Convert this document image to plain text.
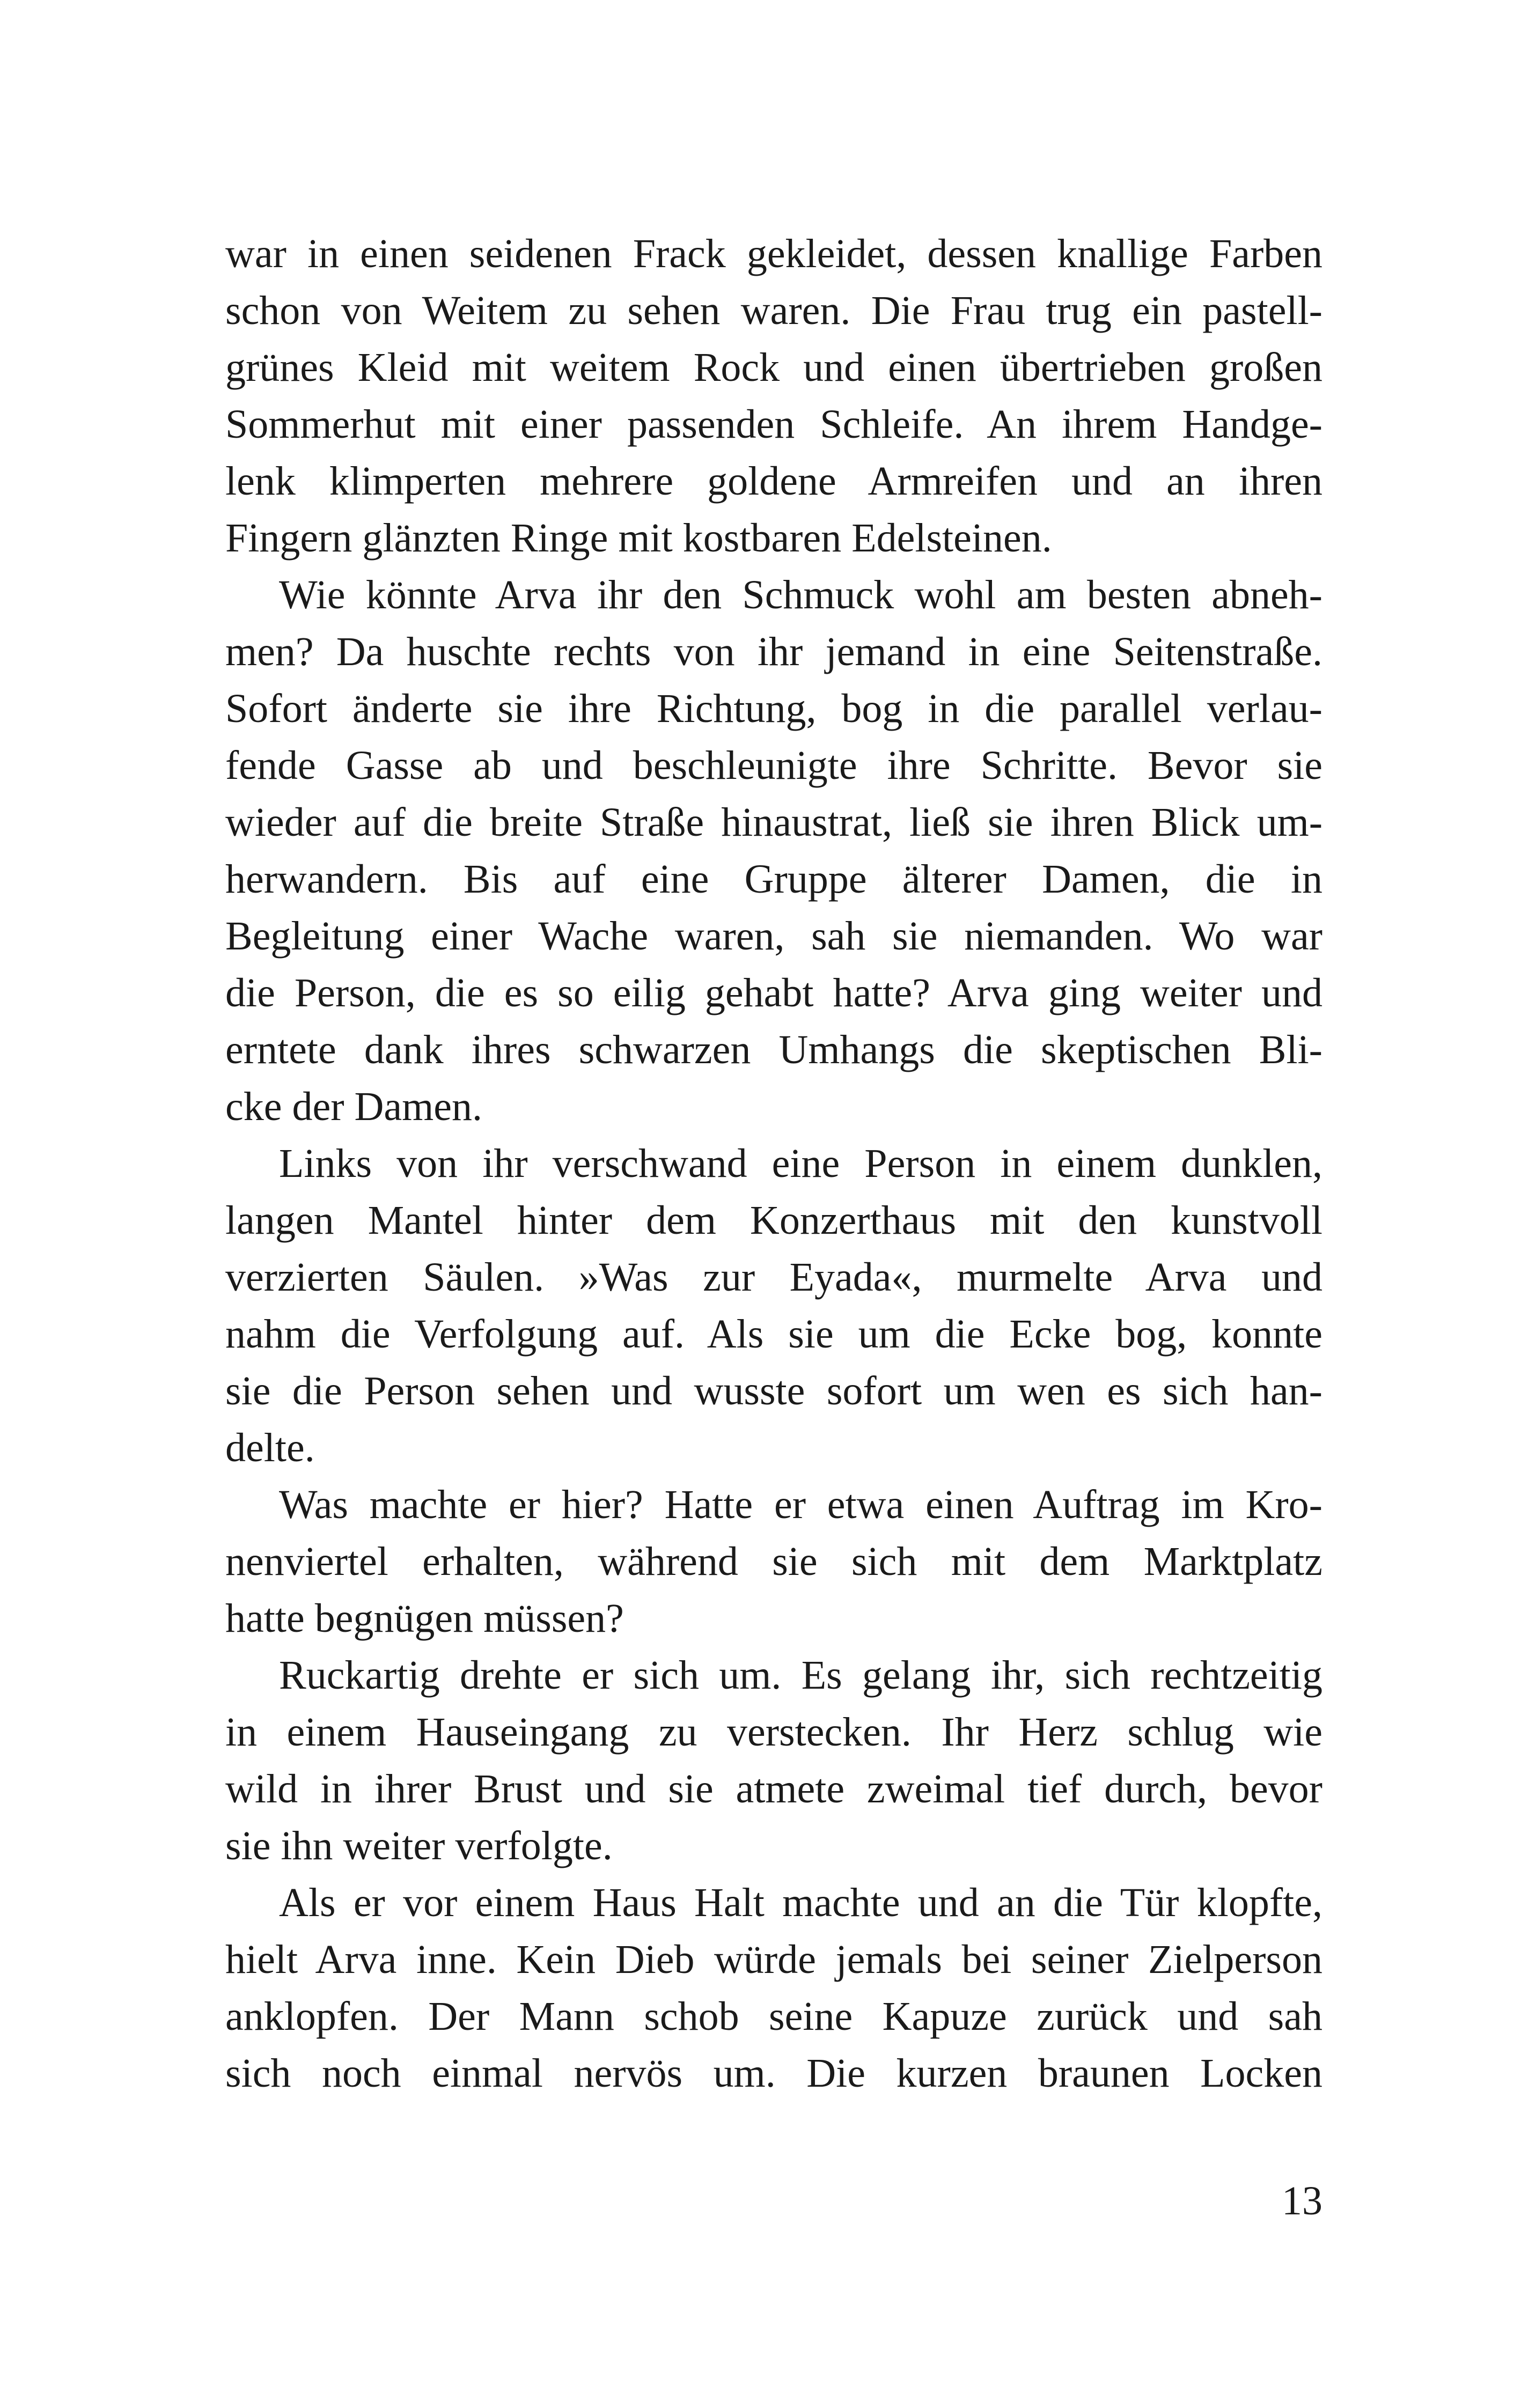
war in einen seidenen Frack gekleidet, dessen knallige Farben
schon von Weitem zu sehen waren. Die Frau trug ein pastell-
grünes Kleid mit weitem Rock und einen übertrieben großen
Sommerhut mit einer passenden Schleife. An ihrem Handge-
lenk klimperten mehrere goldene Armreifen und an ihren
Fingern glänzten Ringe mit kostbaren Edelsteinen.
Wie könnte Arva ihr den Schmuck wohl am besten abneh-
men? Da huschte rechts von ihr jemand in eine Seitenstraße.
Sofort änderte sie ihre Richtung, bog in die parallel verlau-
fende Gasse ab und beschleunigte ihre Schritte. Bevor sie
wieder auf die breite Straße hinaustrat, ließ sie ihren Blick um-
herwandern. Bis auf eine Gruppe älterer Damen, die in
Begleitung einer Wache waren, sah sie niemanden. Wo war
die Person, die es so eilig gehabt hatte? Arva ging weiter und
erntete dank ihres schwarzen Umhangs die skeptischen Bli-
cke der Damen.
Links von ihr verschwand eine Person in einem dunklen,
langen Mantel hinter dem Konzerthaus mit den kunstvoll
verzierten Säulen. »Was zur Eyada«, murmelte Arva und
nahm die Verfolgung auf. Als sie um die Ecke bog, konnte
sie die Person sehen und wusste sofort um wen es sich han-
delte.
Was machte er hier? Hatte er etwa einen Auftrag im Kro-
nenviertel erhalten, während sie sich mit dem Marktplatz
hatte begnügen müssen?
Ruckartig drehte er sich um. Es gelang ihr, sich rechtzeitig
in einem Hauseingang zu verstecken. Ihr Herz schlug wie
wild in ihrer Brust und sie atmete zweimal tief durch, bevor
sie ihn weiter verfolgte.
Als er vor einem Haus Halt machte und an die Tür klopfte,
hielt Arva inne. Kein Dieb würde jemals bei seiner Zielperson
anklopfen. Der Mann schob seine Kapuze zurück und sah
sich noch einmal nervös um. Die kurzen braunen Locken
13
